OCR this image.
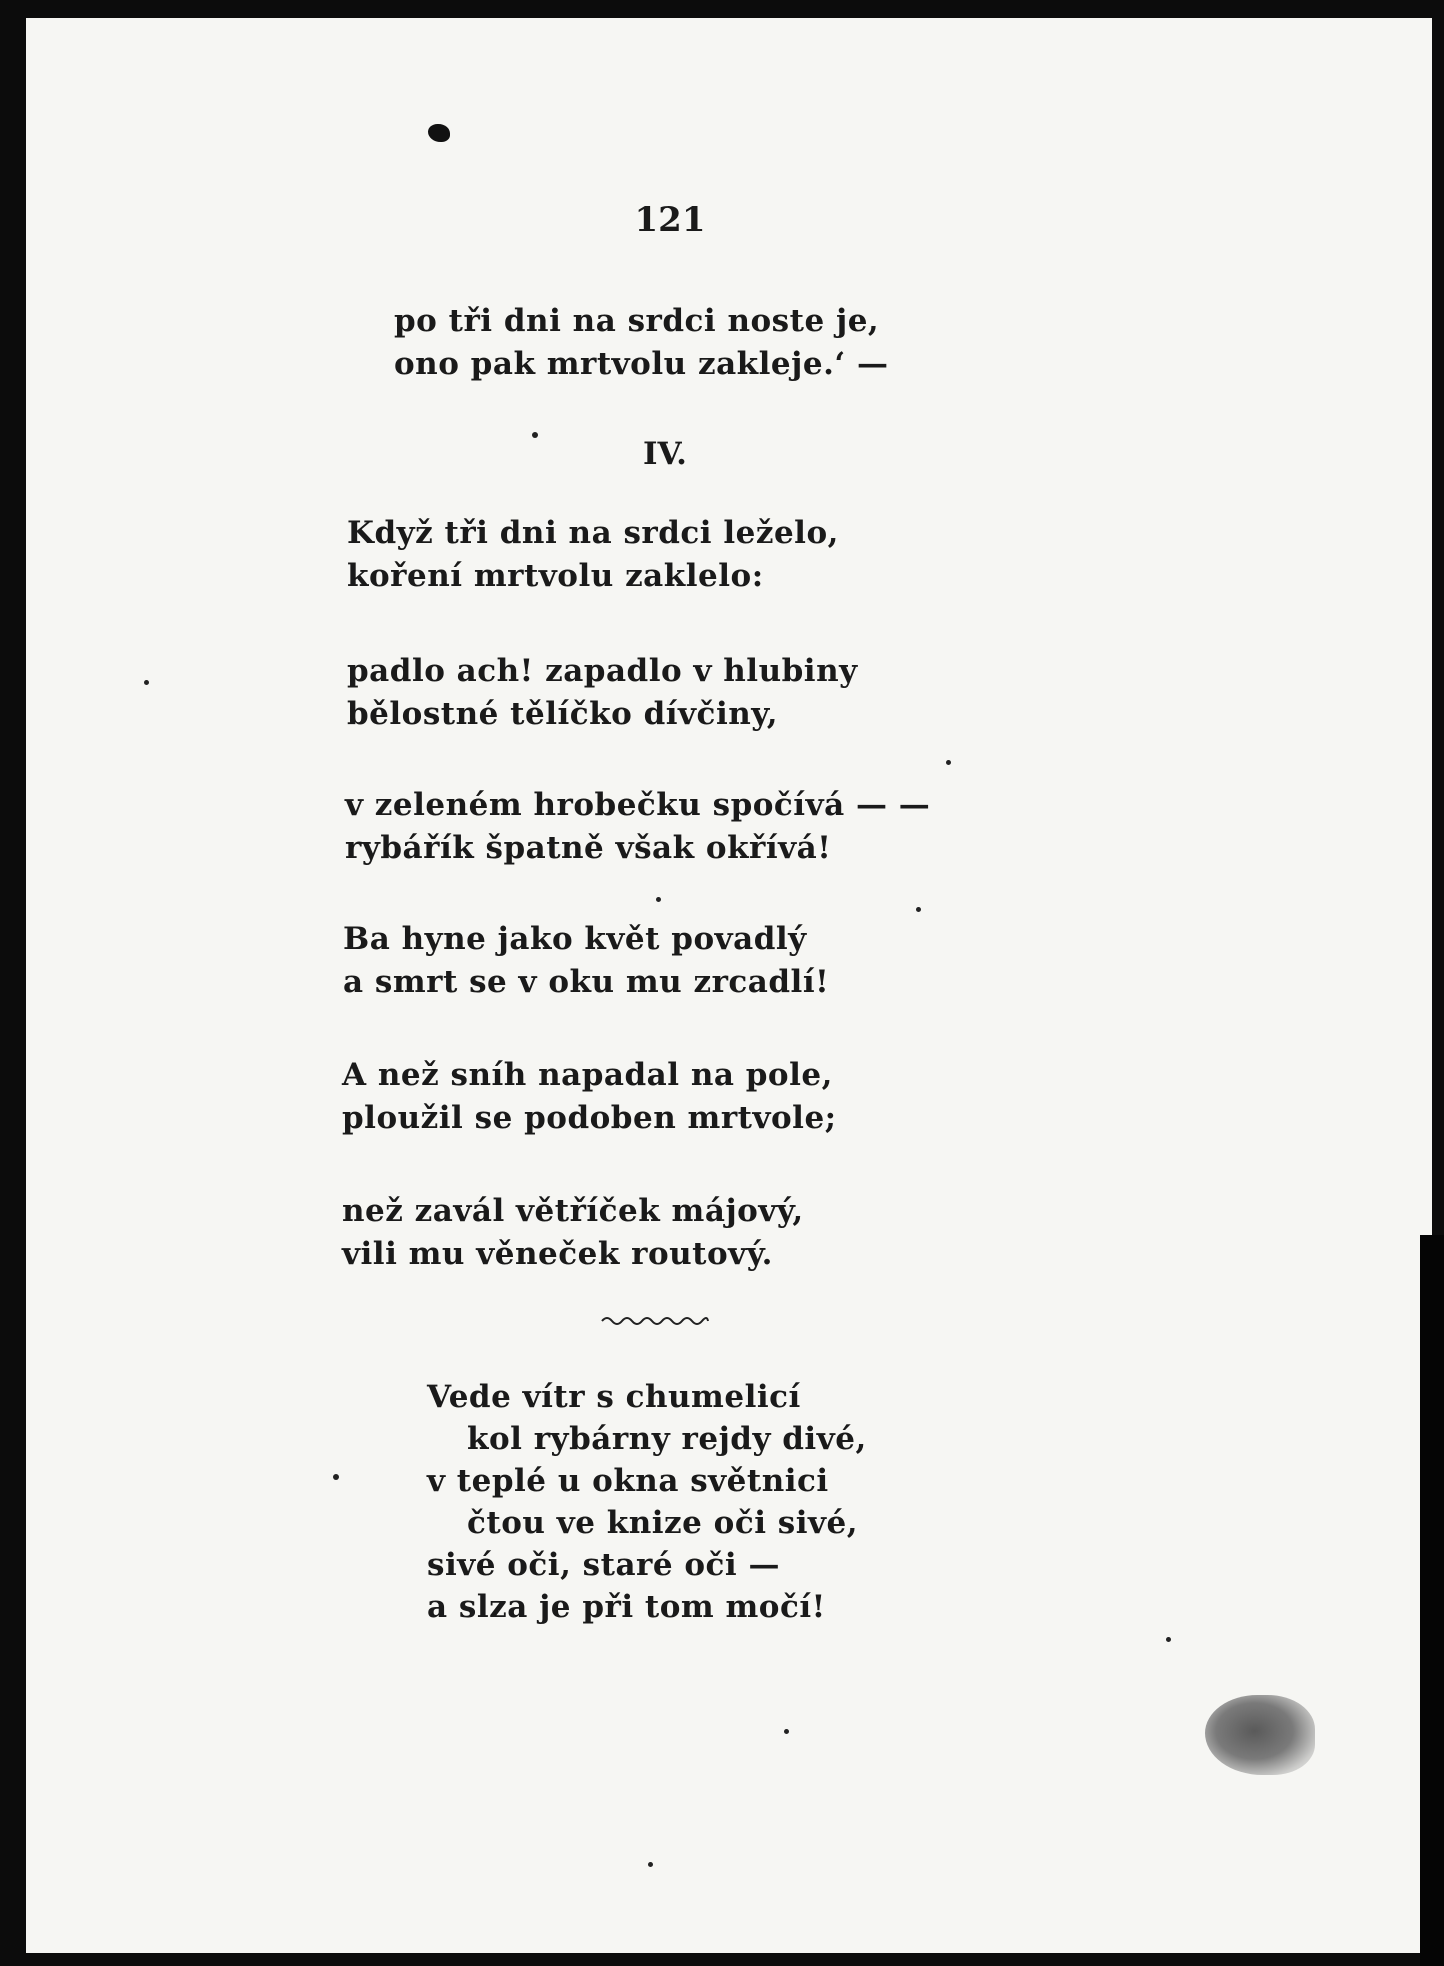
121
po tři dni na srdci noste je,
ono pak mrtvolu zakleje.‘ —
IV.
Když tři dni na srdci leželo,
koření mrtvolu zaklelo:
padlo ach! zapadlo v hlubiny
bělostné tělíčko dívčiny,
v zeleném hrobečku spočívá — —
rybářík špatně však okřívá!
Ba hyne jako květ povadlý
a smrt se v oku mu zrcadlí!
A než sníh napadal na pole,
ploužil se podoben mrtvole;
než zavál větříček májový,
vili mu věneček routový.
Vede vítr s chumelicí
kol rybárny rejdy divé,
v teplé u okna světnici
čtou ve knize oči sivé,
sivé oči, staré oči —
a slza je při tom močí!
